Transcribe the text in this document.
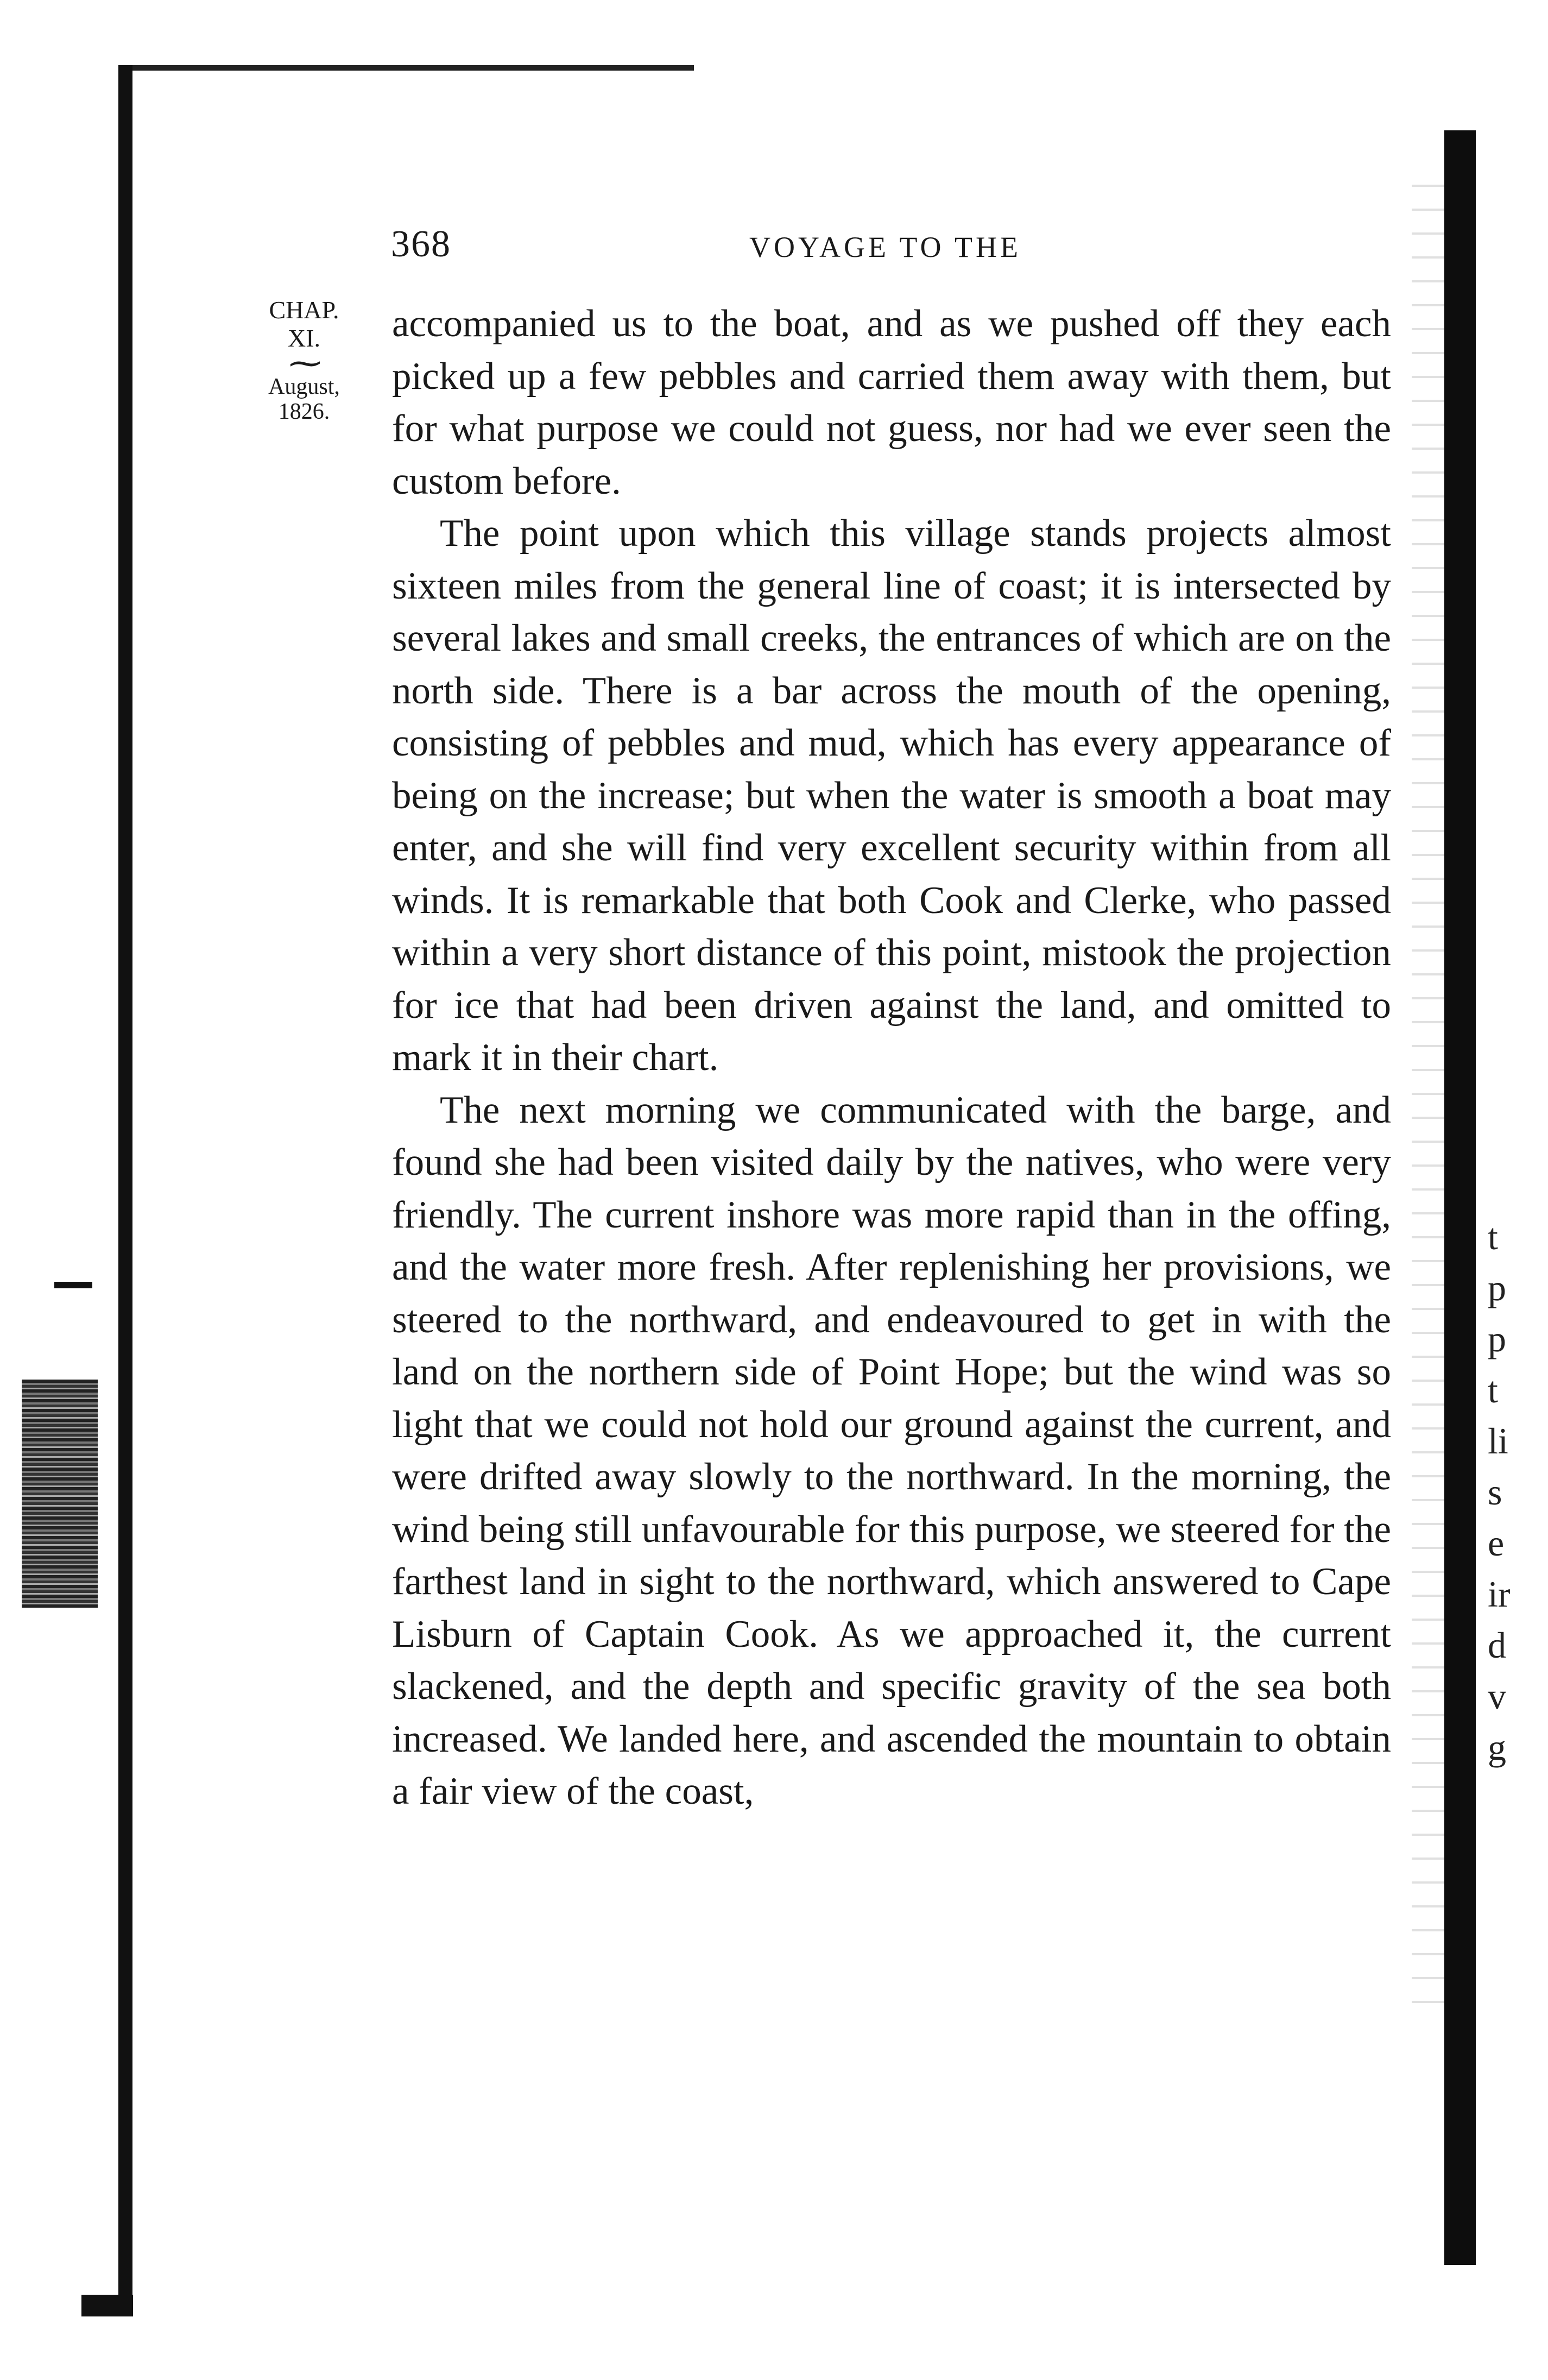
t
p
p
t
li
s
e
ir
d
v
g
368	VOYAGE TO THE
CHAP.
XI.
⁓
August,
1826.

accompanied us to the boat, and as we pushed off they each picked up a few pebbles and carried them away with them, but for what purpose we could not guess, nor had we ever seen the custom before.

The point upon which this village stands projects almost sixteen miles from the general line of coast; it is intersected by several lakes and small creeks, the entrances of which are on the north side. There is a bar across the mouth of the opening, consisting of pebbles and mud, which has every appearance of being on the increase; but when the water is smooth a boat may enter, and she will find very excellent security within from all winds. It is remarkable that both Cook and Clerke, who passed within a very short distance of this point, mistook the projection for ice that had been driven against the land, and omitted to mark it in their chart.

The next morning we communicated with the barge, and found she had been visited daily by the natives, who were very friendly. The current inshore was more rapid than in the offing, and the water more fresh. After replenishing her provisions, we steered to the northward, and endeavoured to get in with the land on the northern side of Point Hope; but the wind was so light that we could not hold our ground against the current, and were drifted away slowly to the northward. In the morning, the wind being still unfavourable for this purpose, we steered for the farthest land in sight to the northward, which answered to Cape Lisburn of Captain Cook. As we approached it, the current slackened, and the depth and specific gravity of the sea both increased. We landed here, and ascended the mountain to obtain a fair view of the coast,
